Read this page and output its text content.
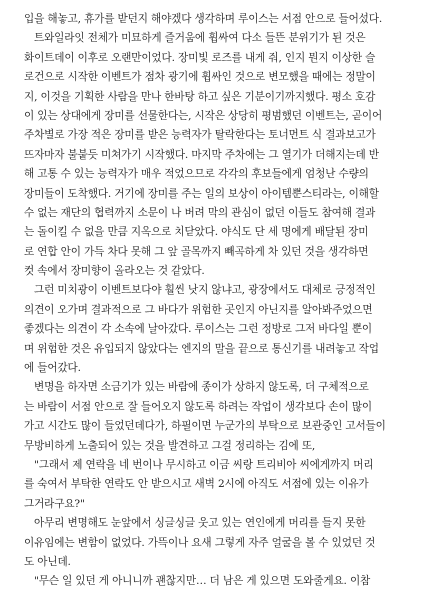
입을 해놓고, 휴가를 받던지 해야겠다 생각하며 루이스는 서점 안으로 들어섰다.
트와일라잇 전체가 미묘하게 즐거움에 휩싸여 다소 들뜬 분위기가 된 것은
화이트데이 이후로 오랜만이었다. 장미빛 로즈를 내게 줘, 인지 뭔지 이상한 슬
로건으로 시작한 이벤트가 점차 광기에 휩싸인 것으로 변모했을 때에는 정말이
지, 이것을 기획한 사람을 만나 한바탕 하고 싶은 기분이기까지했다. 평소 호감
이 있는 상대에게 장미를 선물한다는, 시작은 상당히 평범했던 이벤트는, 곧이어
주차별로 가장 적은 장미를 받은 능력자가 탈락한다는 토너먼트 식 결과보고가
뜨자마자 불붙듯 미쳐가기 시작했다. 마지막 주차에는 그 열기가 더해지는데 반
해 고통 수 있는 능력자가 매우 적었으므로 각각의 후보들에게 엄청난 수량의
장미들이 도착했다. 거기에 장미를 주는 일의 보상이 아이템뿐스티라는, 이해할
수 없는 재단의 협력까지 소문이 나 버려 막의 관심이 없던 이들도 참여해 결과
는 돌이킬 수 없을 만큼 지옥으로 치닫았다. 야식도 단 세 명에게 배달된 장미
로 연합 안이 가득 차다 못해 그 앞 골목까지 빼곡하게 차 있던 것을 생각하면
컷 속에서 장미향이 올라오는 것 같았다.
그런 미치광이 이벤트보다야 훨씬 낫지 않냐고, 광장에서도 대체로 긍정적인
의견이 오가며 결과적으로 그 바다가 위험한 곳인지 아닌지를 알아봐주었으면
좋겠다는 의견이 각 소속에 날아갔다. 루이스는 그런 정방로 그저 바다일 뿐이
며 위험한 것은 유입되지 않았다는 엔지의 말을 끝으로 통신기를 내려놓고 작업
에 들어갔다.
변명을 하자면 소금기가 있는 바람에 종이가 상하지 않도록, 더 구체적으로
는 바람이 서점 안으로 잘 들어오지 않도록 하려는 작업이 생각보다 손이 많이
가고 시간도 많이 들었던데다가, 하필이면 누군가의 부탁으로 보관중인 고서들이
무방비하게 노출되어 있는 것을 발견하고 그걸 정리하는 김에 또,
"그래서 제 연락을 네 번이나 무시하고 이금 씨랑 트리비아 씨에게까지 머리
를 숙여서 부탁한 연락도 안 받으시고 새벽 2시에 아직도 서점에 있는 이유가
그거라구요?"
아무리 변명해도 눈앞에서 싱글싱글 웃고 있는 연인에게 머리를 들지 못한
이유임에는 변함이 없었다. 가뜩이나 요새 그렇게 자주 얼굴을 볼 수 있었던 것
도 아닌데.
"무슨 일 있던 게 아니니까 괜찮지만… 더 남은 게 있으면 도와줄게요. 이참
